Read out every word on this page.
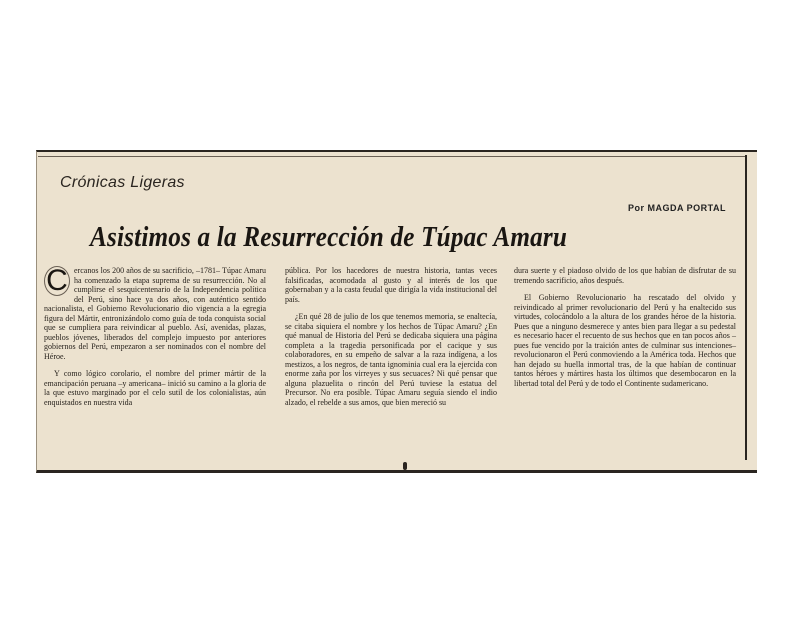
Crónicas Ligeras
Por MAGDA PORTAL
Asistimos a la Resurrección de Túpac Amaru

C ercanos los 200 años de su sacrificio, –1781– Túpac Amaru ha comenzado la etapa suprema de su resurrección. No al cumplirse el sesquicentenario de la Independencia política del Perú, sino hace ya dos años, con auténtico sentido nacionalista, el Gobierno Revolucionario dio vigencia a la egregia figura del Mártir, entronizándolo como guía de toda conquista social que se cumpliera para reivindicar al pueblo. Así, avenidas, plazas, pueblos jóvenes, liberados del complejo impuesto por anteriores gobiernos del Perú, empezaron a ser nominados con el nombre del Héroe.

Y como lógico corolario, el nombre del primer mártir de la emancipación peruana –y americana– inició su camino a la gloria de la que estuvo marginado por el celo sutil de los colonialistas, aún enquistados en nuestra vida

pública. Por los hacedores de nuestra historia, tantas veces falsificadas, acomodada al gusto y al interés de los que gobernaban y a la casta feudal que dirigía la vida institucional del país.

¿En qué 28 de julio de los que tenemos memoria, se enaltecía, se citaba siquiera el nombre y los hechos de Túpac Amaru? ¿En qué manual de Historia del Perú se dedicaba siquiera una página completa a la tragedia personificada por el cacique y sus colaboradores, en su empeño de salvar a la raza indígena, a los mestizos, a los negros, de tanta ignominia cual era la ejercida con enorme zaña por los virreyes y sus secuaces? Ni qué pensar que alguna plazuelita o rincón del Perú tuviese la estatua del Precursor. No era posible. Túpac Amaru seguía siendo el indio alzado, el rebelde a sus amos, que bien mereció su

dura suerte y el piadoso olvido de los que habían de disfrutar de su tremendo sacrificio, años después.

El Gobierno Revolucionario ha rescatado del olvido y reivindicado al primer revolucionario del Perú y ha enaltecido sus virtudes, colocándolo a la altura de los grandes héroe de la historia. Pues que a ninguno desmerece y antes bien para llegar a su pedestal es necesario hacer el recuento de sus hechos que en tan pocos años –pues fue vencido por la traición antes de culminar sus intenciones– revolucionaron el Perú conmoviendo a la América toda. Hechos que han dejado su huella inmortal tras, de la que habían de continuar tantos héroes y mártires hasta los últimos que desembocaron en la libertad total del Perú y de todo el Continente sudamericano.
